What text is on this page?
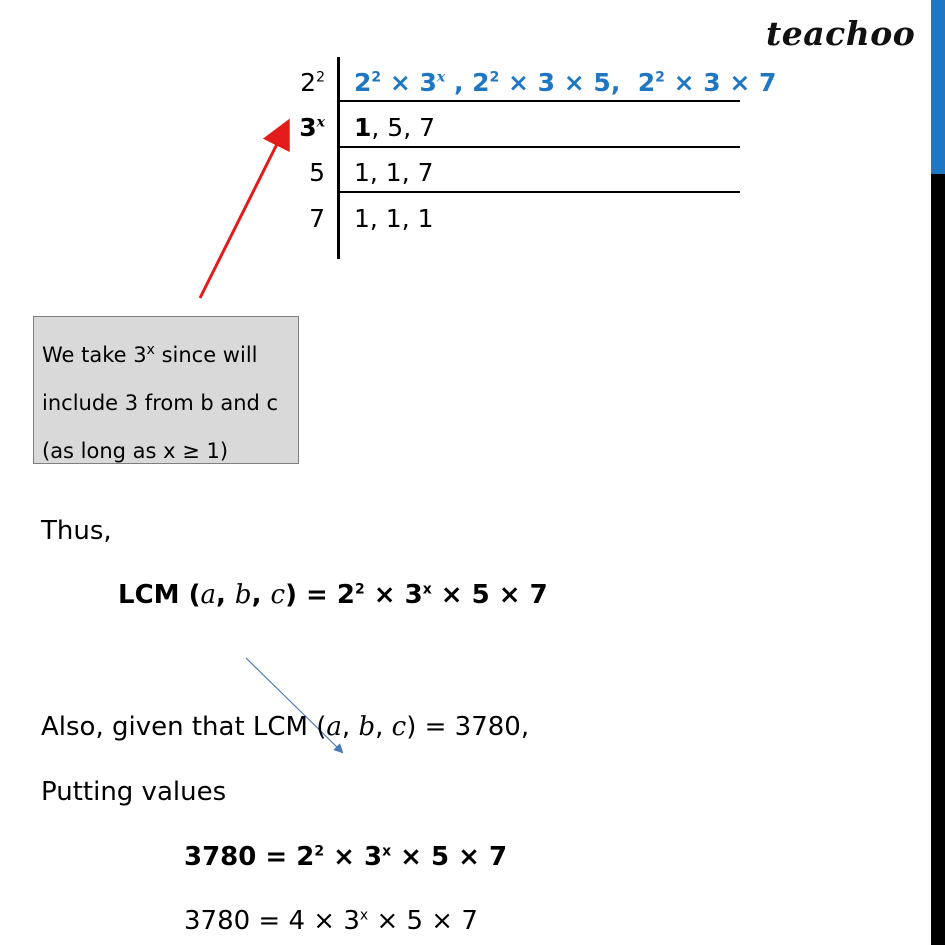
teachoo
$2^2$ $2^2 \times 3^x$ , $2^2 \times 3 \times 5$, $2^2 \times 3 \times 7$
3$^x$ 1, 5, 7
5 1, 1, 7
7 1, 1, 1
We take 3$^x$ since will
include 3 from b and c
(as long as x ≥ 1)
Thus,
LCM (a, b, $c) = 2^2 \times 3^x \times 5 \times 7$
Also, given that LCM (a, b, c) = 3780,
Putting values
$3780 = 2^2 \times 3^x \times 5 \times 7$
$3780 = 4 \times 3^x \times 5 \times 7$
